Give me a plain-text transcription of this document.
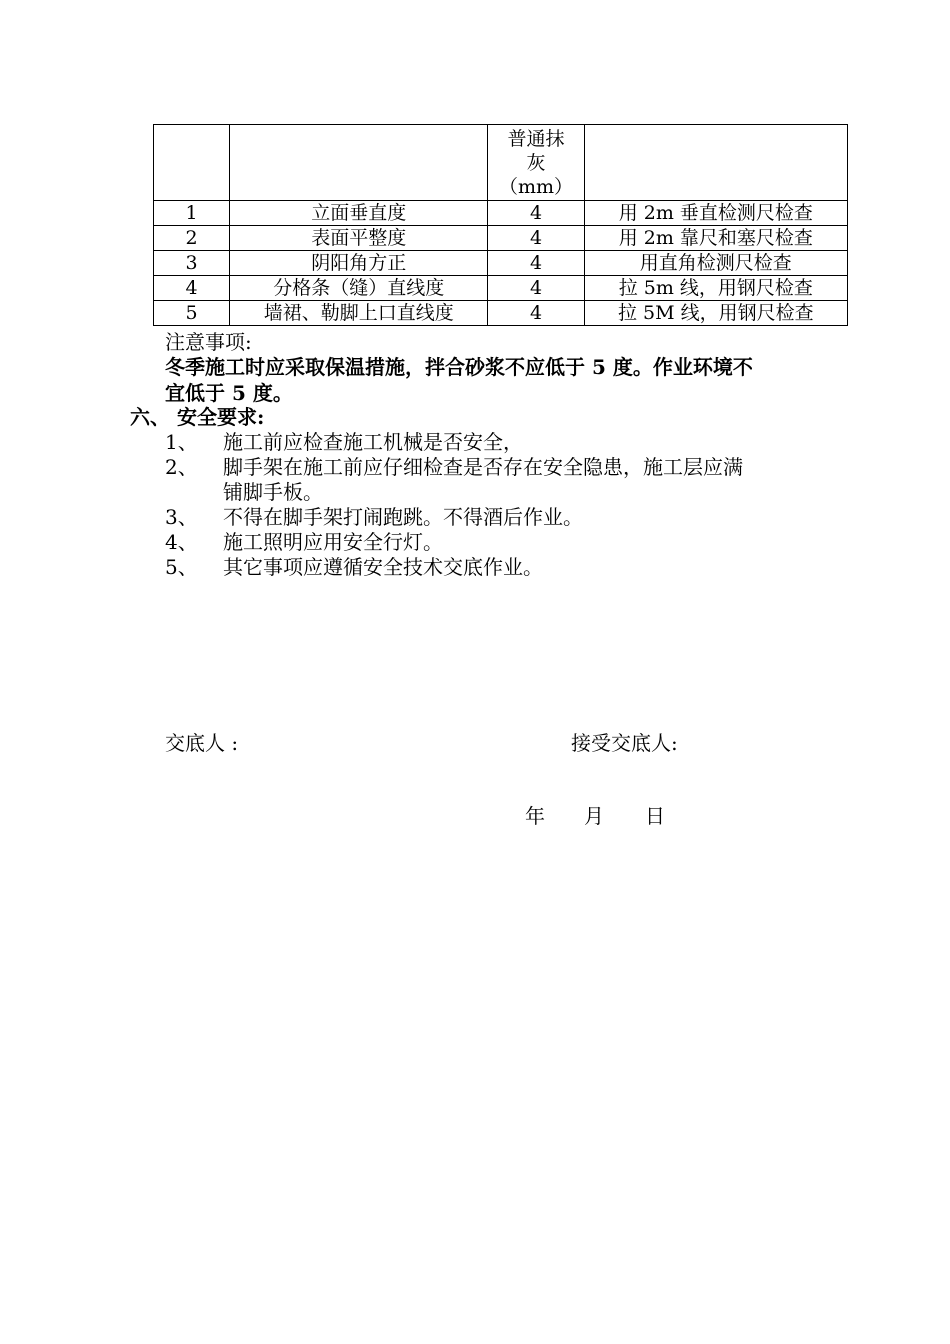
		普通抹
灰
（mm）	

1	立面垂直度	4	用 2m 垂直检测尺检查
2	表面平整度	4	用 2m 靠尺和塞尺检查
3	阴阳角方正	4	用直角检测尺检查
4	分格条（缝）直线度	4	拉 5m 线，用钢尺检查
5	墙裙、勒脚上口直线度	4	拉 5M 线，用钢尺检查
注意事项:
冬季施工时应采取保温措施，拌合砂浆不应低于 5 度。作业环境不
宜低于 5 度。
六、 安全要求:
1、 施工前应检查施工机械是否安全，
2、 脚手架在施工前应仔细检查是否存在安全隐患，施工层应满
铺脚手板。
3、 不得在脚手架打闹跑跳。不得酒后作业。
4、 施工照明应用安全行灯。
5、 其它事项应遵循安全技术交底作业。
交底人 :	接受交底人:
年 月 日
